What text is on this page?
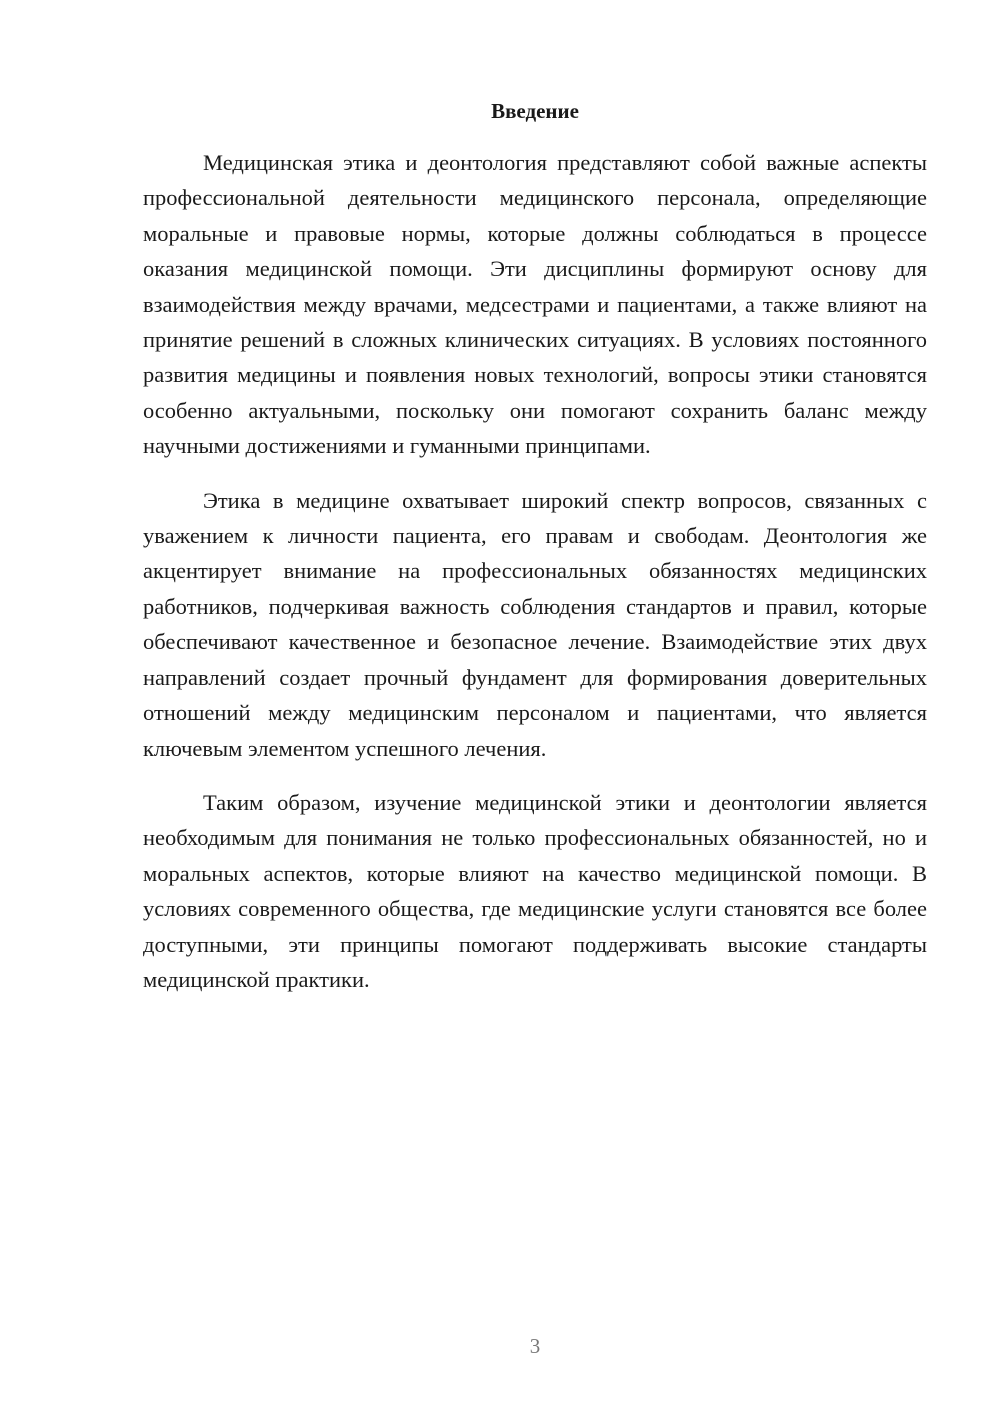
Введение

Медицинская этика и деонтология представляют собой важные аспекты профессиональной деятельности медицинского персонала, определяющие моральные и правовые нормы, которые должны соблюдаться в процессе оказания медицинской помощи. Эти дисциплины формируют основу для взаимодействия между врачами, медсестрами и пациентами, а также влияют на принятие решений в сложных клинических ситуациях. В условиях постоянного развития медицины и появления новых технологий, вопросы этики становятся особенно актуальными, поскольку они помогают сохранить баланс между научными достижениями и гуманными принципами.

Этика в медицине охватывает широкий спектр вопросов, связанных с уважением к личности пациента, его правам и свободам. Деонтология же акцентирует внимание на профессиональных обязанностях медицинских работников, подчеркивая важность соблюдения стандартов и правил, которые обеспечивают качественное и безопасное лечение. Взаимодействие этих двух направлений создает прочный фундамент для формирования доверительных отношений между медицинским персоналом и пациентами, что является ключевым элементом успешного лечения.

Таким образом, изучение медицинской этики и деонтологии является необходимым для понимания не только профессиональных обязанностей, но и моральных аспектов, которые влияют на качество медицинской помощи. В условиях современного общества, где медицинские услуги становятся все более доступными, эти принципы помогают поддерживать высокие стандарты медицинской практики.

3
